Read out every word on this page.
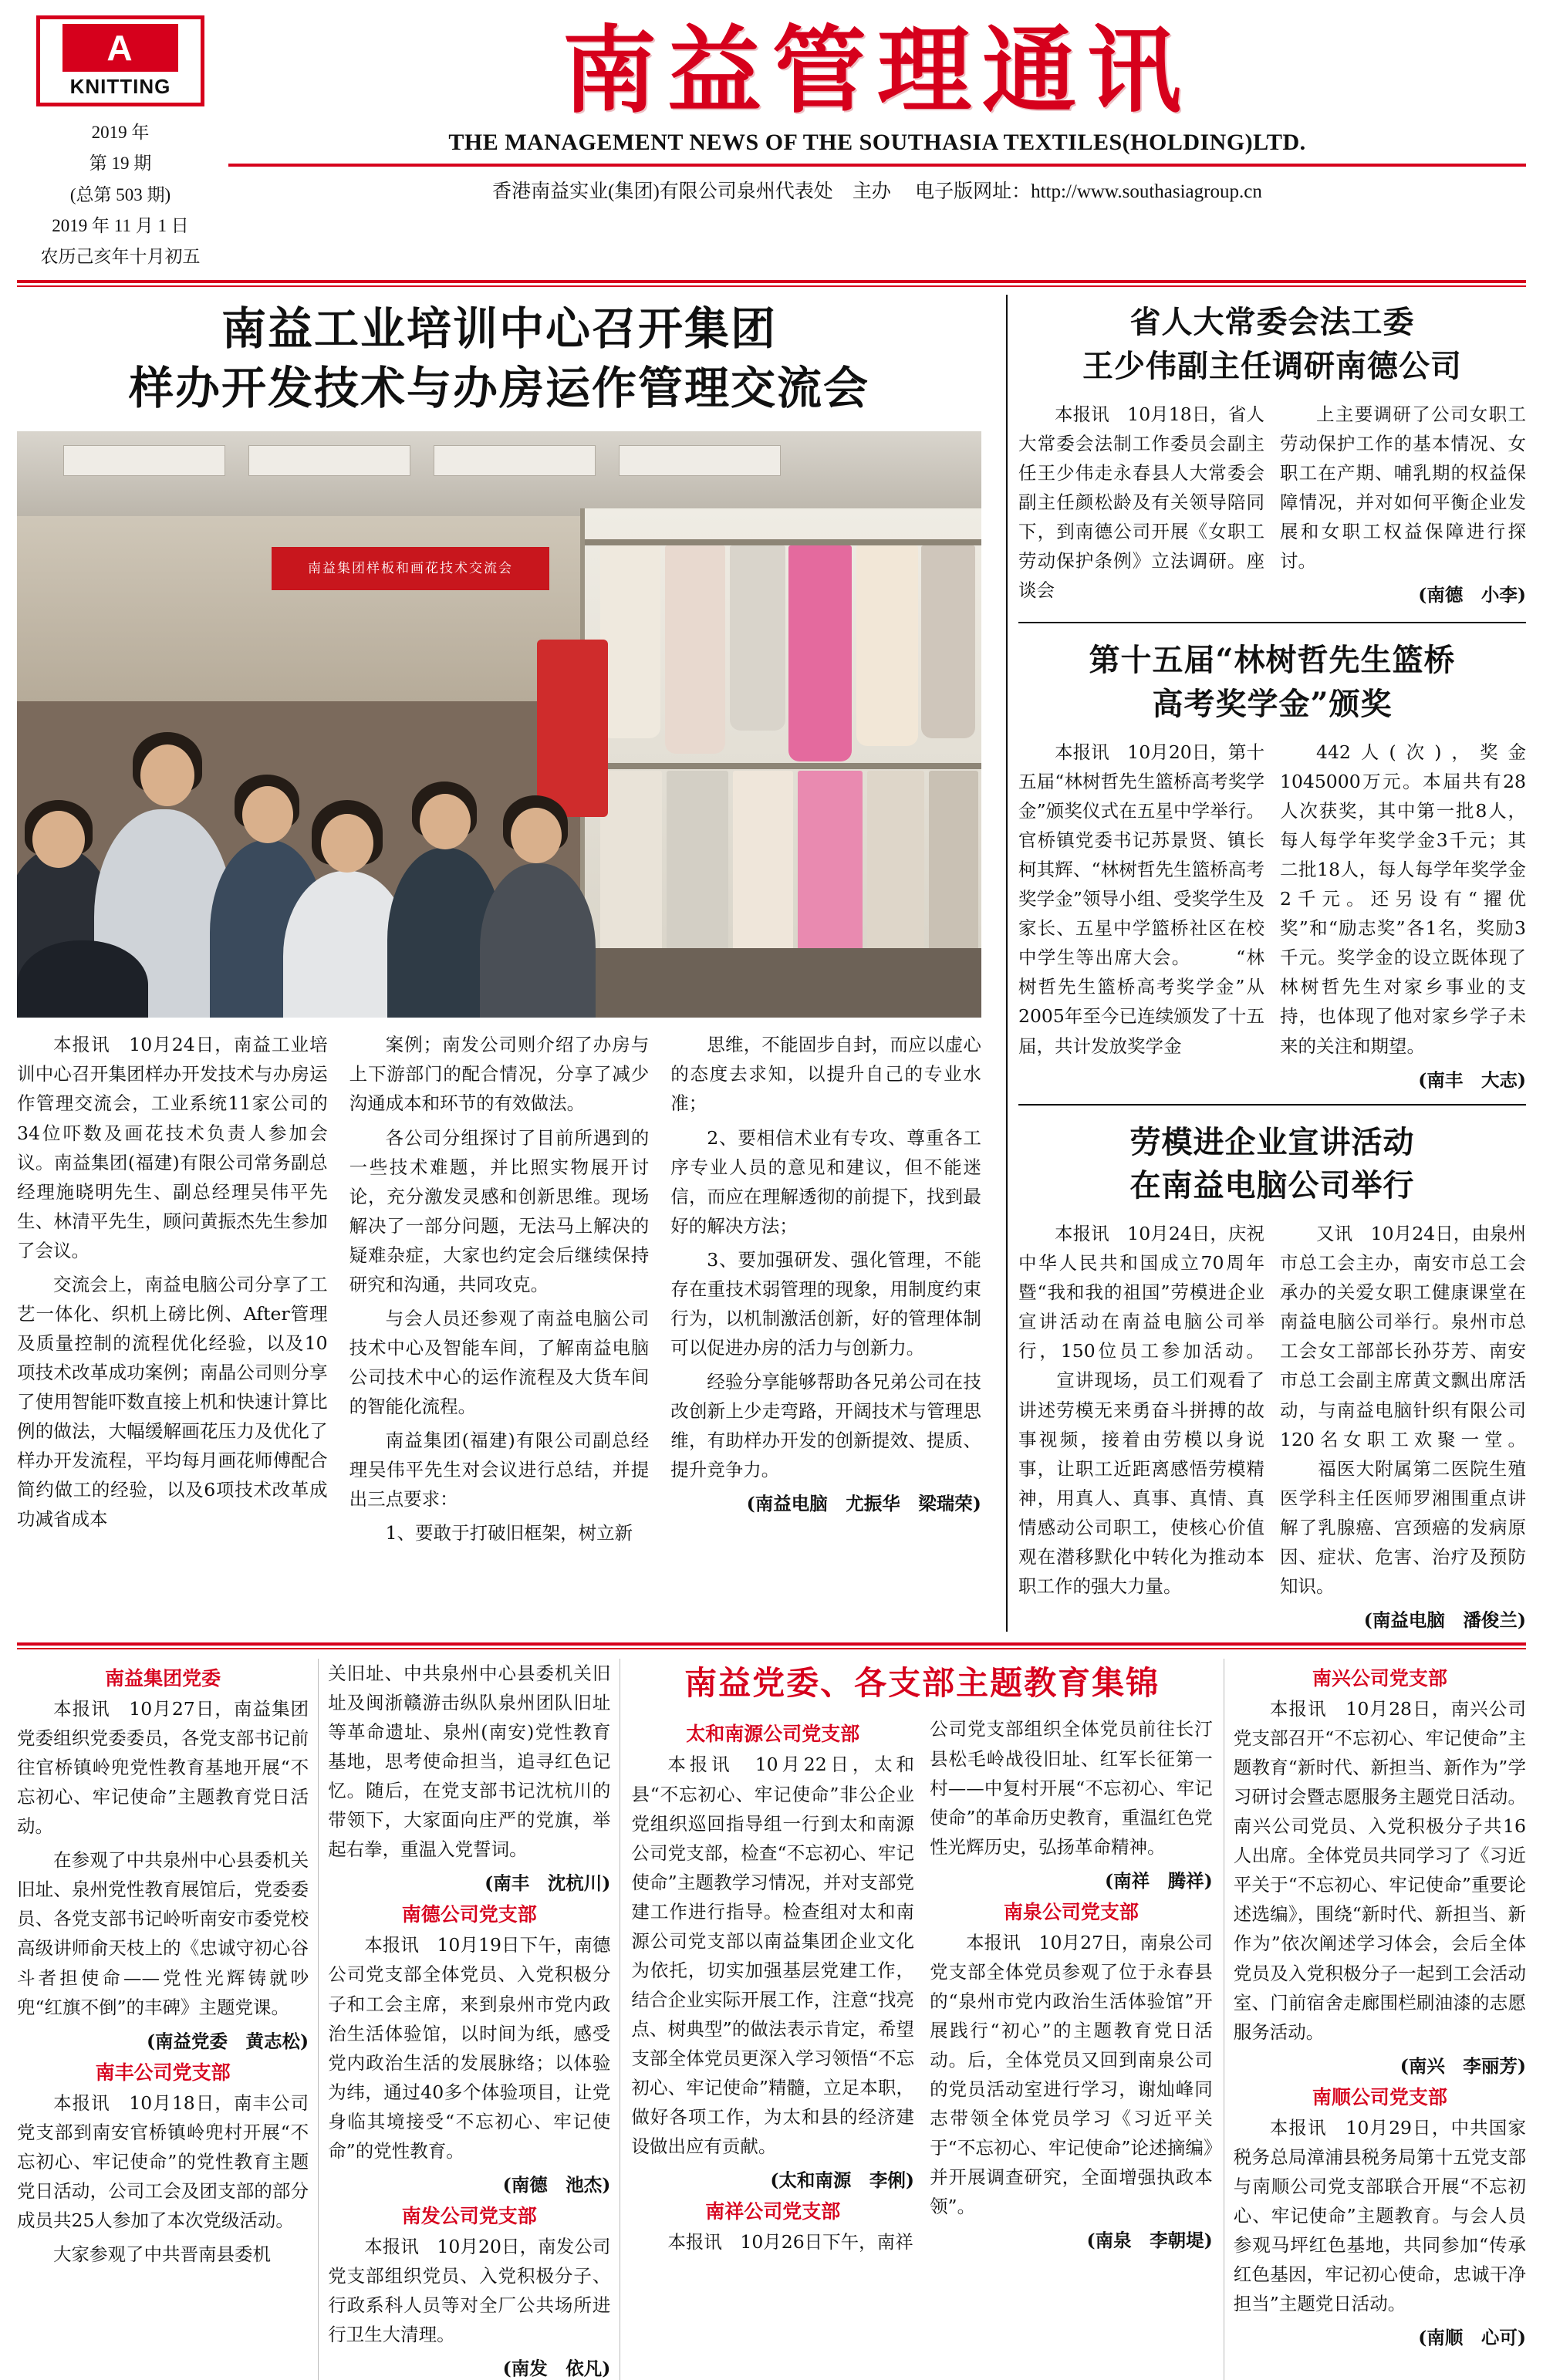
A
KNITTING
2019 年
第 19 期
(总第 503 期)
2019 年 11 月 1 日
农历己亥年十月初五
南益管理通讯
THE MANAGEMENT NEWS OF THE SOUTHASIA TEXTILES(HOLDING)LTD.
香港南益实业(集团)有限公司泉州代表处 主办 电子版网址：http://www.southasiagroup.cn
南益工业培训中心召开集团
样办开发技术与办房运作管理交流会
南益集团样板和画花技术交流会

本报讯　10月24日，南益工业培训中心召开集团样办开发技术与办房运作管理交流会，工业系统11家公司的34位吓数及画花技术负责人参加会议。南益集团(福建)有限公司常务副总经理施晓明先生、副总经理吴伟平先生、林清平先生，顾问黄振杰先生参加了会议。

交流会上，南益电脑公司分享了工艺一体化、织机上磅比例、After管理及质量控制的流程优化经验，以及10项技术改革成功案例；南晶公司则分享了使用智能吓数直接上机和快速计算比例的做法，大幅缓解画花压力及优化了样办开发流程，平均每月画花师傅配合简约做工的经验，以及6项技术改革成功减省成本

案例；南发公司则介绍了办房与上下游部门的配合情况，分享了减少沟通成本和环节的有效做法。

各公司分组探讨了目前所遇到的一些技术难题，并比照实物展开讨论，充分激发灵感和创新思维。现场解决了一部分问题，无法马上解决的疑难杂症，大家也约定会后继续保持研究和沟通，共同攻克。

与会人员还参观了南益电脑公司技术中心及智能车间，了解南益电脑公司技术中心的运作流程及大货车间的智能化流程。

南益集团(福建)有限公司副总经理吴伟平先生对会议进行总结，并提出三点要求：

1、要敢于打破旧框架，树立新

思维，不能固步自封，而应以虚心的态度去求知，以提升自己的专业水准；

2、要相信术业有专攻、尊重各工序专业人员的意见和建议，但不能迷信，而应在理解透彻的前提下，找到最好的解决方法；

3、要加强研发、强化管理，不能存在重技术弱管理的现象，用制度约束行为，以机制激活创新，好的管理体制可以促进办房的活力与创新力。

经验分享能够帮助各兄弟公司在技改创新上少走弯路，开阔技术与管理思维，有助样办开发的创新提效、提质、提升竞争力。

(南益电脑　尤振华　梁瑞荣)
省人大常委会法工委
王少伟副主任调研南德公司

本报讯　10月18日，省人大常委会法制工作委员会副主任王少伟走永春县人大常委会副主任颜松龄及有关领导陪同下，到南德公司开展《女职工劳动保护条例》立法调研。座谈会

上主要调研了公司女职工劳动保护工作的基本情况、女职工在产期、哺乳期的权益保障情况，并对如何平衡企业发展和女职工权益保障进行探讨。

(南德　小李)
第十五届“林树哲先生篮桥
高考奖学金”颁奖

本报讯　10月20日，第十五届“林树哲先生篮桥高考奖学金”颁奖仪式在五星中学举行。官桥镇党委书记苏景贤、镇长柯其辉、“林树哲先生篮桥高考奖学金”领导小组、受奖学生及家长、五星中学篮桥社区在校中学生等出席大会。 　　“林树哲先生篮桥高考奖学金”从2005年至今已连续颁发了十五届，共计发放奖学金

442人(次)，奖金1045000万元。本届共有28人次获奖，其中第一批8人，每人每学年奖学金3千元；其二批18人，每人每学年奖学金2千元。还另设有“擢优奖”和“励志奖”各1名，奖励3千元。奖学金的设立既体现了林树哲先生对家乡事业的支持，也体现了他对家乡学子未来的关注和期望。

(南丰　大志)
劳模进企业宣讲活动
在南益电脑公司举行

本报讯　10月24日，庆祝中华人民共和国成立70周年暨“我和我的祖国”劳模进企业宣讲活动在南益电脑公司举行，150位员工参加活动。 　　宣讲现场，员工们观看了讲述劳模无来勇奋斗拼搏的故事视频，接着由劳模以身说事，让职工近距离感悟劳模精神，用真人、真事、真情、真情感动公司职工，使核心价值观在潜移默化中转化为推动本职工作的强大力量。

又讯　10月24日，由泉州市总工会主办，南安市总工会承办的关爱女职工健康课堂在南益电脑公司举行。泉州市总工会女工部部长孙芬芳、南安市总工会副主席黄文飘出席活动，与南益电脑针织有限公司120名女职工欢聚一堂。 　　福医大附属第二医院生殖医学科主任医师罗湘围重点讲解了乳腺癌、宫颈癌的发病原因、症状、危害、治疗及预防知识。

(南益电脑　潘俊兰)
南益集团党委

本报讯　10月27日，南益集团党委组织党委委员，各党支部书记前往官桥镇岭兜党性教育基地开展“不忘初心、牢记使命”主题教育党日活动。

在参观了中共泉州中心县委机关旧址、泉州党性教育展馆后，党委委员、各党支部书记岭听南安市委党校高级讲师俞天枝上的《忠诚守初心谷斗者担使命——党性光辉铸就吵兜“红旗不倒”的丰碑》主题党课。

(南益党委　黄志松)
南丰公司党支部

本报讯　10月18日，南丰公司党支部到南安官桥镇岭兜村开展“不忘初心、牢记使命”的党性教育主题党日活动，公司工会及团支部的部分成员共25人参加了本次党级活动。

大家参观了中共晋南县委机

关旧址、中共泉州中心县委机关旧址及闽浙赣游击纵队泉州团队旧址等革命遗址、泉州(南安)党性教育基地，思考使命担当，追寻红色记忆。随后，在党支部书记沈杭川的带领下，大家面向庄严的党旗，举起右拳，重温入党誓词。

(南丰　沈杭川)
南德公司党支部

本报讯　10月19日下午，南德公司党支部全体党员、入党积极分子和工会主席，来到泉州市党内政治生活体验馆，以时间为纸，感受党内政治生活的发展脉络；以体验为纬，通过40多个体验项目，让党身临其境接受“不忘初心、牢记使命”的党性教育。

(南德　池杰)
南发公司党支部

本报讯　10月20日，南发公司党支部组织党员、入党积极分子、行政系科人员等对全厂公共场所进行卫生大清理。

(南发　依凡)
南益党委、各支部主题教育集锦
太和南源公司党支部

本报讯　10月22日，太和县“不忘初心、牢记使命”非公企业党组织巡回指导组一行到太和南源公司党支部，检查“不忘初心、牢记使命”主题教学习情况，并对支部党建工作进行指导。检查组对太和南源公司党支部以南益集团企业文化为依托，切实加强基层党建工作，结合企业实际开展工作，注意“找亮点、树典型”的做法表示肯定，希望支部全体党员更深入学习领悟“不忘初心、牢记使命”精髓，立足本职，做好各项工作，为太和县的经济建设做出应有贡献。

(太和南源　李俐)
南祥公司党支部

本报讯　10月26日下午，南祥

公司党支部组织全体党员前往长汀县松毛岭战役旧址、红军长征第一村——中复村开展“不忘初心、牢记使命”的革命历史教育，重温红色党性光辉历史，弘扬革命精神。

(南祥　腾祥)
南泉公司党支部

本报讯　10月27日，南泉公司党支部全体党员参观了位于永春县的“泉州市党内政治生活体验馆”开展践行“初心”的主题教育党日活动。后，全体党员又回到南泉公司的党员活动室进行学习，谢灿峰同志带领全体党员学习《习近平关于“不忘初心、牢记使命”论述摘编》并开展调查研究，全面增强执政本领”。

(南泉　李朝堤)
南兴公司党支部

本报讯　10月28日，南兴公司党支部召开“不忘初心、牢记使命”主题教育“新时代、新担当、新作为”学习研讨会暨志愿服务主题党日活动。南兴公司党员、入党积极分子共16人出席。全体党员共同学习了《习近平关于“不忘初心、牢记使命”重要论述选编》，围绕“新时代、新担当、新作为”依次阐述学习体会，会后全体党员及入党积极分子一起到工会活动室、门前宿舍走廊围栏刷油漆的志愿服务活动。

(南兴　李丽芳)
南顺公司党支部

本报讯　10月29日，中共国家税务总局漳浦县税务局第十五党支部与南顺公司党支部联合开展“不忘初心、牢记使命”主题教育。与会人员参观马坪红色基地，共同参加“传承红色基因，牢记初心使命，忠诚干净担当”主题党日活动。

(南顺　心可)
